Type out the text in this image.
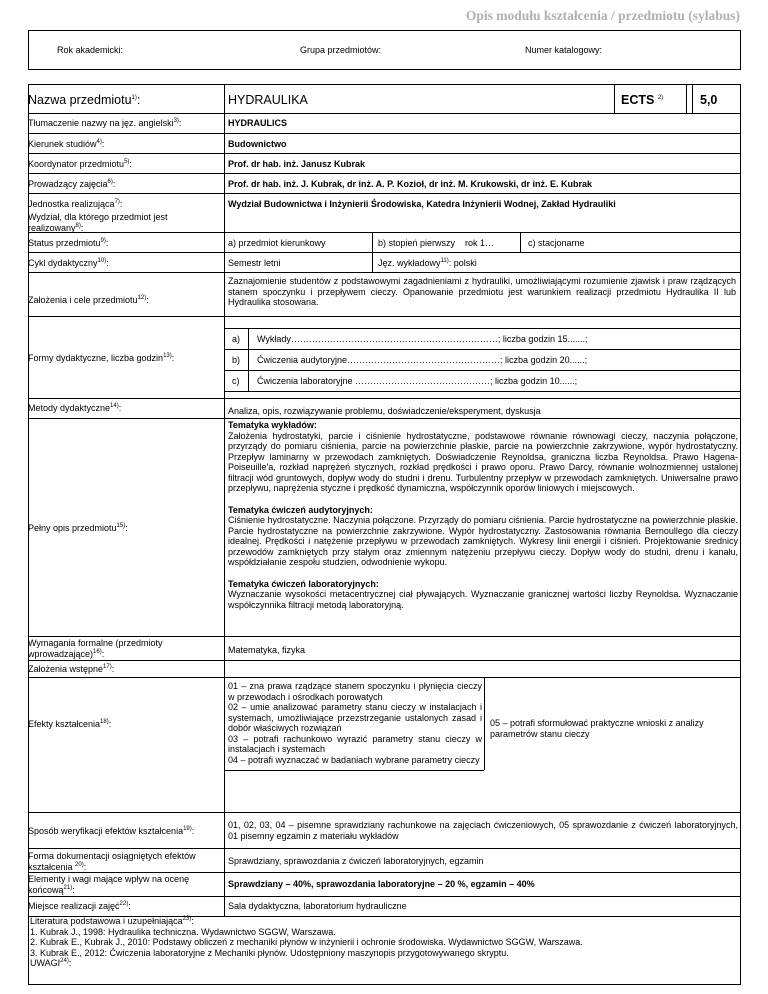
Opis modułu kształcenia / przedmiotu (sylabus)
Rok akademicki:	Grupa przedmiotów:	Numer katalogowy:
Nazwa przedmiotu$^{1)}$:	HYDRAULIKA	ECTS $^{2)}$	5,0
Tłumaczenie nazwy na jęz. angielski$^{3)}$:	HYDRAULICS
Kierunek studiów$^{4)}$:	Budownictwo
Koordynator przedmiotu$^{5)}$:	Prof. dr hab. inż. Janusz Kubrak
Prowadzący zajęcia$^{6)}$:	Prof. dr hab. inż. J. Kubrak, dr inż. A. P. Kozioł, dr inż. M. Krukowski, dr inż. E. Kubrak
Jednostka realizująca$^{7)}$:	Wydział Budownictwa i Inżynierii Środowiska, Katedra Inżynierii Wodnej, Zakład Hydrauliki
Wydział, dla którego przedmiot jest realizowany$^{8)}$:
Status przedmiotu$^{9)}$:	a) przedmiot kierunkowy	b) stopień pierwszy    rok 1…	c) stacjonarne
Cykl dydaktyczny$^{10)}$:	Semestr letni	Jęz. wykładowy$^{11)}$: polski
Założenia i cele przedmiotu$^{12)}$:
Zaznajomienie studentów z podstawowymi zagadnieniami z hydrauliki, umożliwiającymi rozumienie zjawisk i praw rządzących stanem spoczynku i przepływem cieczy. Opanowanie przedmiotu jest warunkiem realizacji przedmiotu Hydraulika II lub Hydraulika stosowana.
Formy dydaktyczne, liczba godzin$^{13)}$:
a) Wykłady……………………………………………………………; liczba godzin 15.......;
b) Ćwiczenia audytoryjne……………………………………………; liczba godzin 20......;
c) Ćwiczenia laboratoryjne ………………………………………; liczba godzin 10......;
Metody dydaktyczne$^{14)}$:	Analiza, opis, rozwiązywanie problemu, doświadczenie/eksperyment, dyskusja
Pełny opis przedmiotu$^{15)}$:

Tematyka wykładów:

Założenia hydrostatyki, parcie i ciśnienie hydrostatyczne, podstawowe równanie równowagi cieczy, naczynia połączone, przyrządy do pomiaru ciśnienia, parcie na powierzchnie płaskie, parcie na powierzchnie zakrzywione, wypór hydrostatyczny. Przepływ laminarny w przewodach zamkniętych. Doświadczenie Reynoldsa, graniczna liczba Reynoldsa. Prawo Hagena-Poiseuille'a, rozkład naprężeń stycznych, rozkład prędkości i prawo oporu. Prawo Darcy, równanie wolnozmiennej ustalonej filtracji wód gruntowych, dopływ wody do studni i drenu. Turbulentny przepływ w przewodach zamkniętych. Uniwersalne prawo przepływu, naprężenia styczne i prędkość dynamiczna, współczynnik oporów liniowych i miejscowych.

Tematyka ćwiczeń audytoryjnych:

Ciśnienie hydrostatyczne. Naczynia połączone. Przyrządy do pomiaru ciśnienia. Parcie hydrostatyczne na powierzchnie płaskie. Parcie hydrostatyczne na powierzchnie zakrzywione. Wypór hydrostatyczny. Zastosowania równania Bernoullego dla cieczy idealnej. Prędkości i natężenie przepływu w przewodach zamkniętych. Wykresy linii energii i ciśnień. Projektowanie średnicy przewodów zamkniętych przy stałym oraz zmiennym natężeniu przepływu cieczy. Dopływ wody do studni, drenu i kanału, współdziałanie zespołu studzien, odwodnienie wykopu.

Tematyka ćwiczeń laboratoryjnych:

Wyznaczanie wysokości metacentrycznej ciał pływających. Wyznaczanie granicznej wartości liczby Reynoldsa. Wyznaczanie współczynnika filtracji metodą laboratoryjną.

Wymagania formalne (przedmioty wprowadzające)$^{16)}$:	Matematyka, fizyka
Założenia wstępne$^{17)}$:
Efekty kształcenia$^{18)}$:
01 – zna prawa rządzące stanem spoczynku i płynięcia cieczy w przewodach i ośrodkach porowatych
02 – umie analizować parametry stanu cieczy w instalacjach i systemach, umożliwiające przezstrzeganie ustalonych zasad i dobór właściwych rozwiązań
03 – potrafi rachunkowo wyrazić parametry stanu cieczy w instalacjach i systemach
04 – potrafi wyznaczać w badaniach wybrane parametry cieczy
05 – potrafi sformułować praktyczne wnioski z analizy parametrów stanu cieczy
Sposób weryfikacji efektów kształcenia$^{19)}$:
01, 02, 03, 04 – pisemne sprawdziany rachunkowe na zajęciach ćwiczeniowych, 05 sprawozdanie z ćwiczeń laboratoryjnych, 01 pisemny egzamin z materiału wykładów
Forma dokumentacji osiągniętych efektów kształcenia $^{20)}$:
Sprawdziany, sprawozdania z ćwiczeń laboratoryjnych, egzamin
Elementy i wagi mające wpływ na ocenę końcową$^{21)}$:
Sprawdziany – 40%, sprawozdania laboratoryjne – 20 %, egzamin – 40%
Miejsce realizacji zajęć$^{22)}$:	Sala dydaktyczna, laboratorium hydrauliczne

Literatura podstawowa i uzupełniająca$^{23)}$:

1. Kubrak J., 1998: Hydraulika techniczna. Wydawnictwo SGGW, Warszawa.

2. Kubrak E., Kubrak J., 2010: Podstawy obliczeń z mechaniki płynów w inżynierii i ochronie środowiska. Wydawnictwo SGGW, Warszawa.

3. Kubrak E., 2012: Ćwiczenia laboratoryjne z Mechaniki płynów. Udostępniony maszynopis przygotowywanego skryptu.

UWAGI$^{24)}$:
